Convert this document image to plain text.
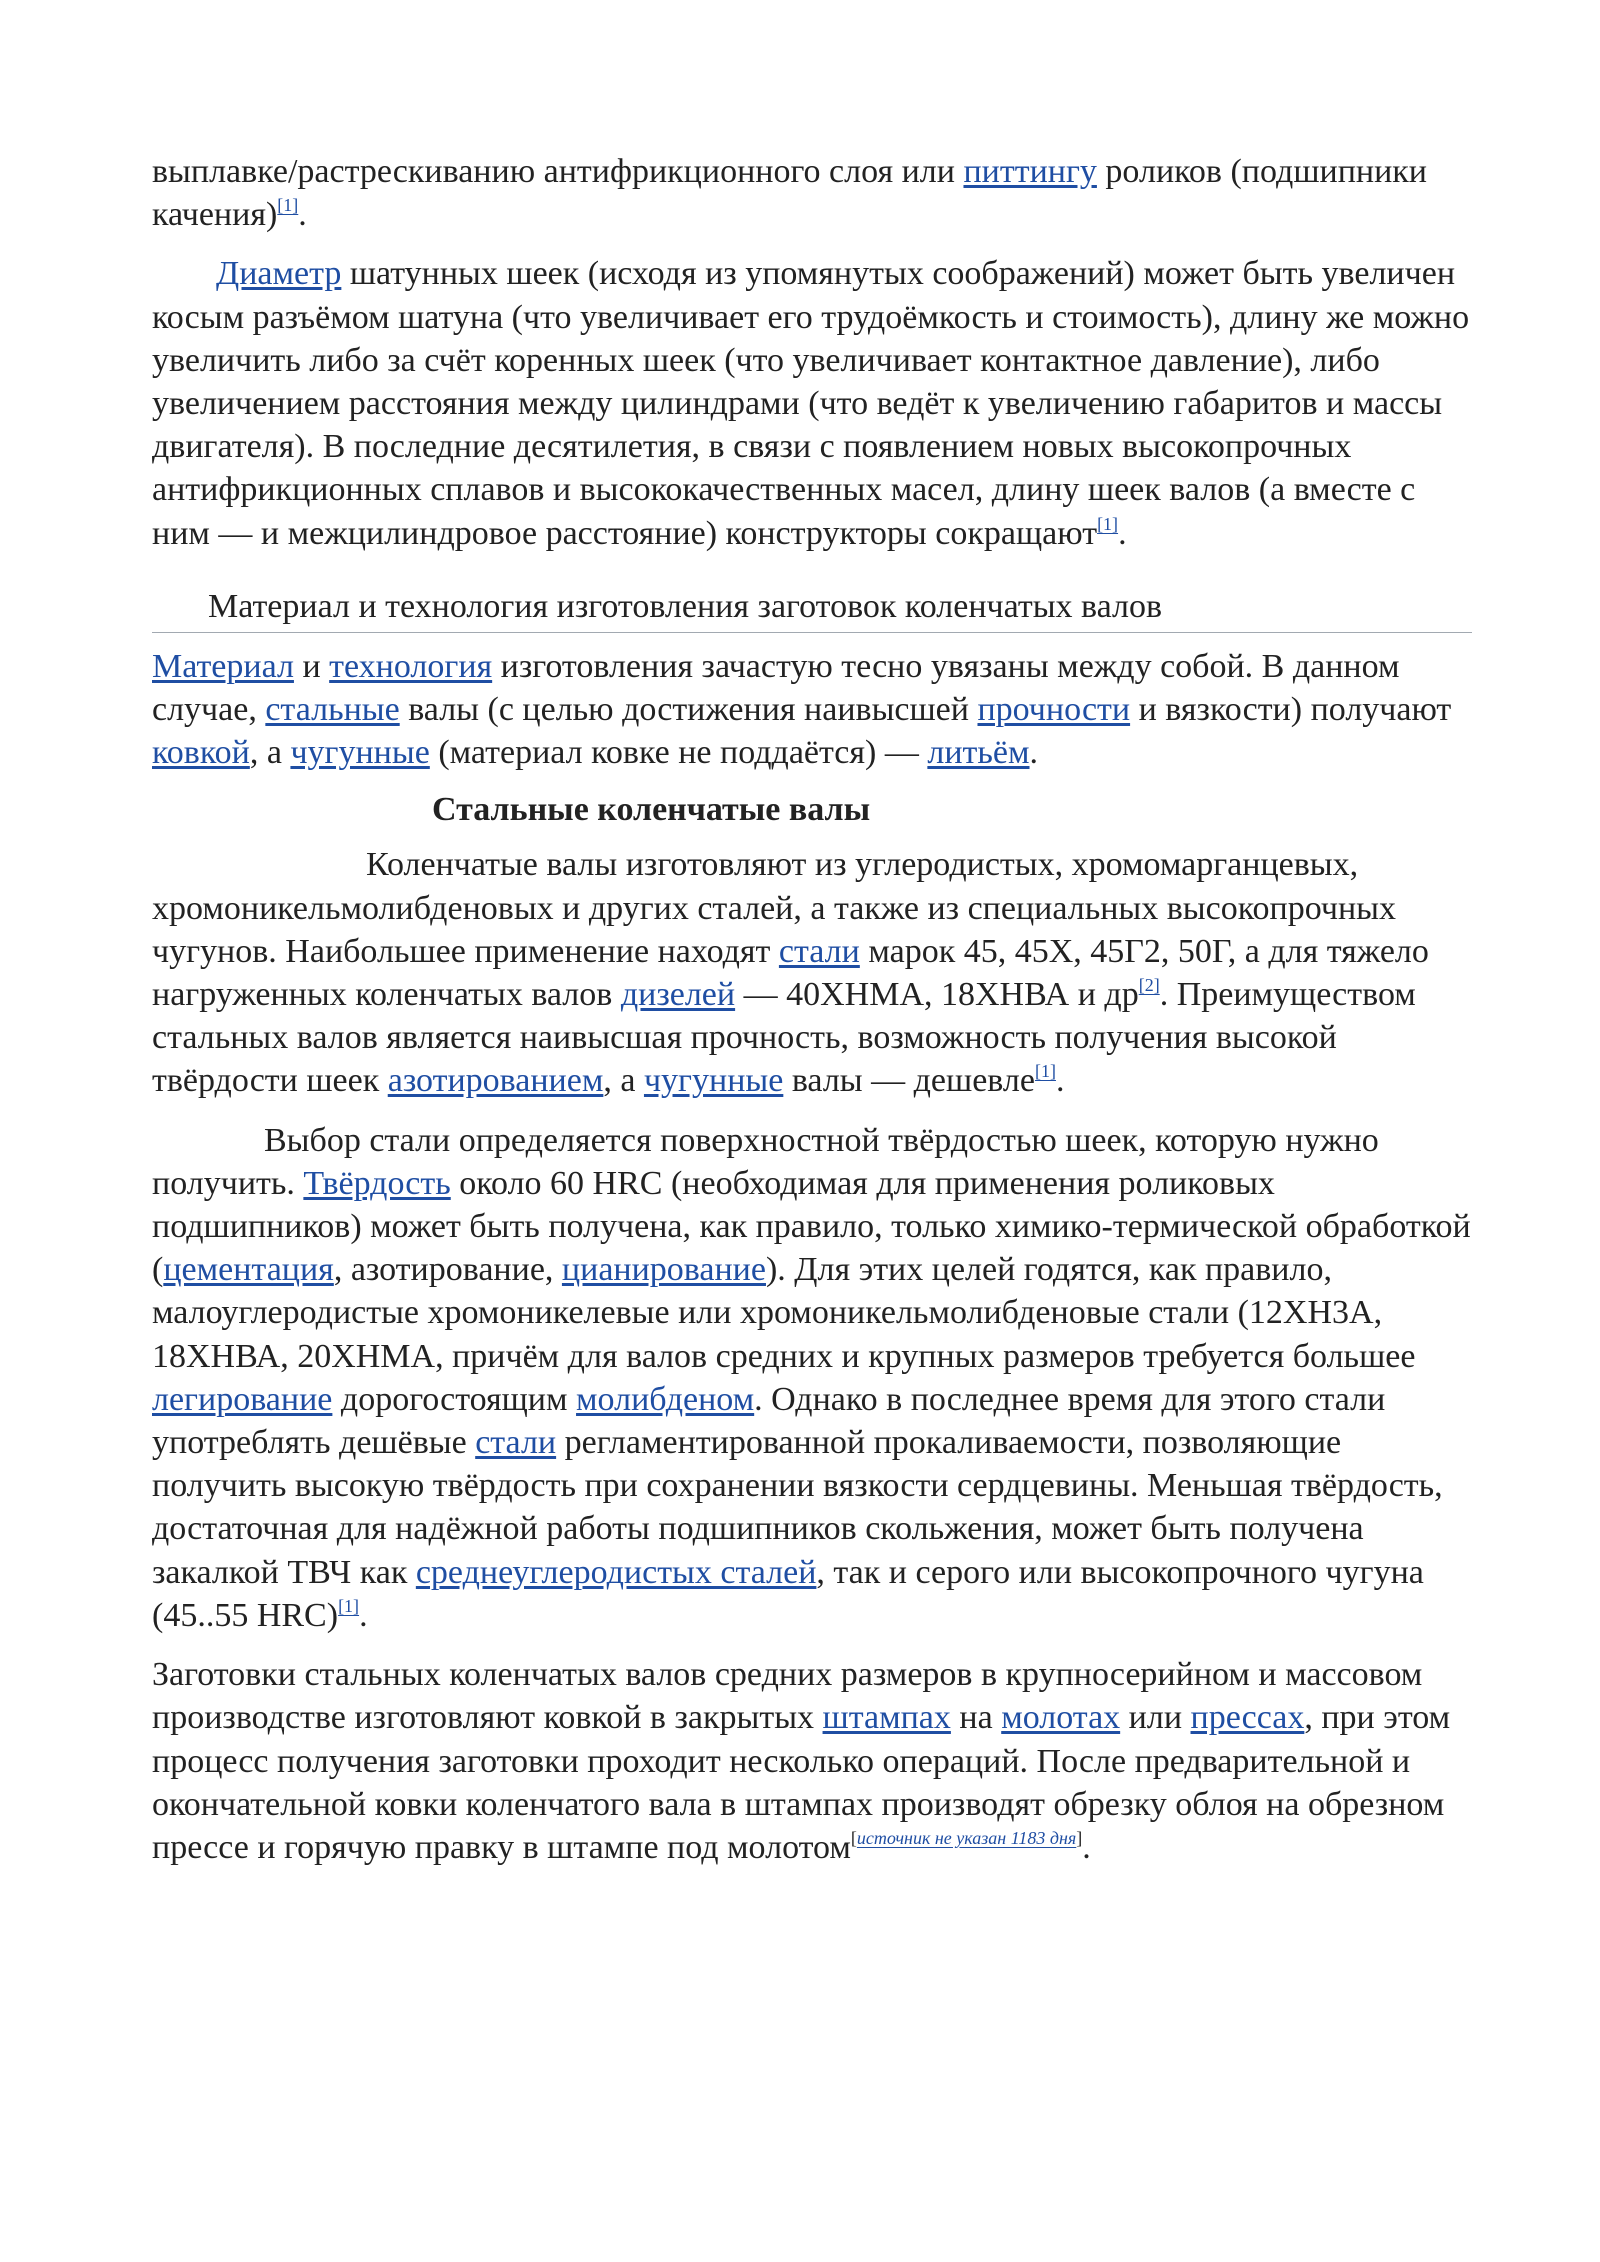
выплавке/растрескиванию антифрикционного слоя или питтингу роликов (подшипники качения)[1].

Диаметр шатунных шеек (исходя из упомянутых соображений) может быть увеличен косым разъёмом шатуна (что увеличивает его трудоёмкость и стоимость), длину же можно увеличить либо за счёт коренных шеек (что увеличивает контактное давление), либо увеличением расстояния между цилиндрами (что ведёт к увеличению габаритов и массы двигателя). В последние десятилетия, в связи с появлением новых высокопрочных антифрикционных сплавов и высококачественных масел, длину шеек валов (а вместе с ним — и межцилиндровое расстояние) конструкторы сокращают[1].

Материал и технология изготовления заготовок коленчатых валов

Материал и технология изготовления зачастую тесно увязаны между собой. В данном случае, стальные валы (с целью достижения наивысшей прочности и вязкости) получают ковкой, а чугунные (материал ковке не поддаётся) — литьём.

Стальные коленчатые валы

Коленчатые валы изготовляют из углеродистых, хромомарганцевых, хромоникельмолибденовых и других сталей, а также из специальных высокопрочных чугунов. Наибольшее применение находят стали марок 45, 45Х, 45Г2, 50Г, а для тяжело нагруженных коленчатых валов дизелей — 40ХНМА, 18ХНВА и др[2]. Преимуществом стальных валов является наивысшая прочность, возможность получения высокой твёрдости шеек азотированием, а чугунные валы — дешевле[1].

Выбор стали определяется поверхностной твёрдостью шеек, которую нужно получить. Твёрдость около 60 HRC (необходимая для применения роликовых подшипников) может быть получена, как правило, только химико-термической обработкой (цементация, азотирование, цианирование). Для этих целей годятся, как правило, малоуглеродистые хромоникелевые или хромоникельмолибденовые стали (12ХН3А, 18ХНВА, 20ХНМА, причём для валов средних и крупных размеров требуется большее легирование дорогостоящим молибденом. Однако в последнее время для этого стали употреблять дешёвые стали регламентированной прокаливаемости, позволяющие получить высокую твёрдость при сохранении вязкости сердцевины. Меньшая твёрдость, достаточная для надёжной работы подшипников скольжения, может быть получена закалкой ТВЧ как среднеуглеродистых сталей, так и серого или высокопрочного чугуна (45..55 HRC)[1].

Заготовки стальных коленчатых валов средних размеров в крупносерийном и массовом производстве изготовляют ковкой в закрытых штампах на молотах или прессах, при этом процесс получения заготовки проходит несколько операций. После предварительной и окончательной ковки коленчатого вала в штампах производят обрезку облоя на обрезном прессе и горячую правку в штампе под молотом[источник не указан 1183 дня].
